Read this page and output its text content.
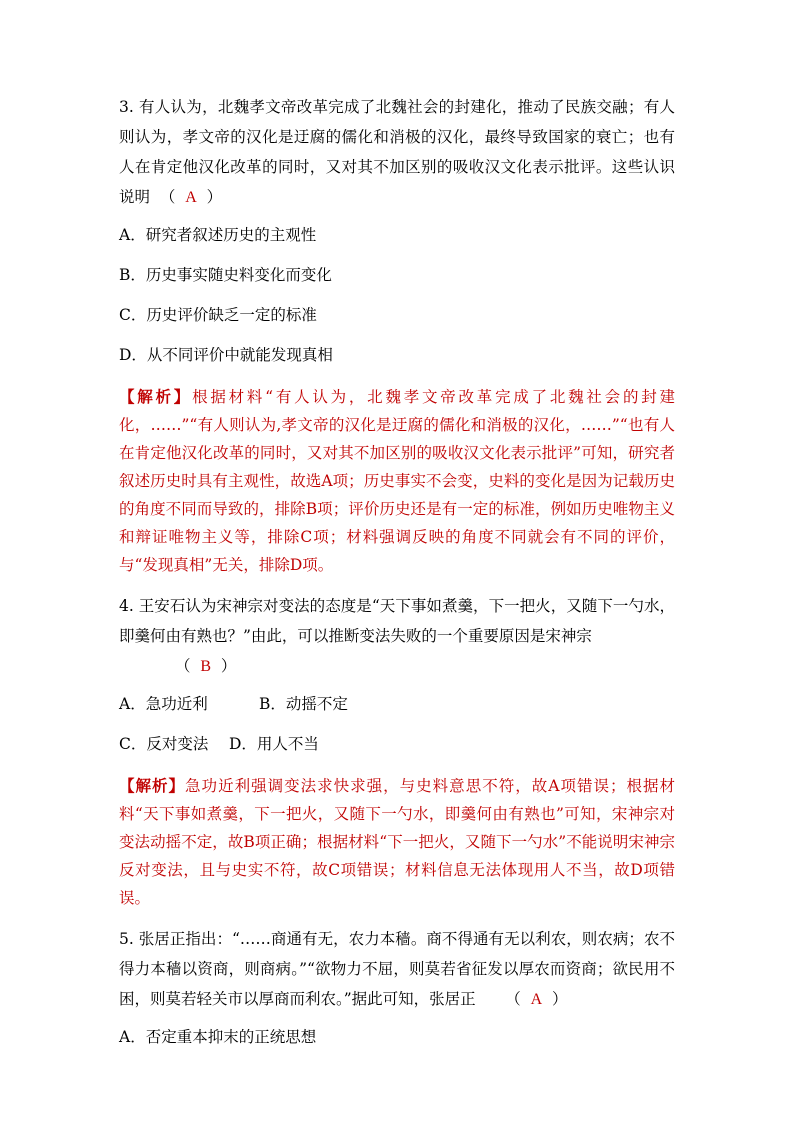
3. 有人认为，北魏孝文帝改革完成了北魏社会的封建化，推动了民族交融；有人则认为，孝文帝的汉化是迂腐的儒化和消极的汉化，最终导致国家的衰亡；也有人在肯定他汉化改革的同时，又对其不加区别的吸收汉文化表示批评。这些认识说明 （ A ）

A．研究者叙述历史的主观性

B．历史事实随史料变化而变化

C．历史评价缺乏一定的标准

D．从不同评价中就能发现真相

【解析】根据材料“有人认为，北魏孝文帝改革完成了北魏社会的封建化，……”“有人则认为,孝文帝的汉化是迂腐的儒化和消极的汉化，……”“也有人在肯定他汉化改革的同时，又对其不加区别的吸收汉文化表示批评”可知，研究者叙述历史时具有主观性，故选A项；历史事实不会变，史料的变化是因为记载历史的角度不同而导致的，排除B项；评价历史还是有一定的标准，例如历史唯物主义和辩证唯物主义等，排除C项；材料强调反映的角度不同就会有不同的评价，与“发现真相”无关，排除D项。

4. 王安石认为宋神宗对变法的态度是“天下事如煮羹，下一把火，又随下一勺水，即羹何由有熟也？”由此，可以推断变法失败的一个重要原因是宋神宗
（ B ）

A．急功近利	B．动摇不定

C．反对变法 D．用人不当

【解析】急功近利强调变法求快求强，与史料意思不符，故A项错误；根据材料“天下事如煮羹，下一把火，又随下一勺水，即羹何由有熟也”可知，宋神宗对变法动摇不定，故B项正确；根据材料“下一把火，又随下一勺水”不能说明宋神宗反对变法，且与史实不符，故C项错误；材料信息无法体现用人不当，故D项错误。

5. 张居正指出：“……商通有无，农力本穑。商不得通有无以利农，则农病；农不得力本穑以资商，则商病。”“欲物力不屈，则莫若省征发以厚农而资商；欲民用不困，则莫若轻关市以厚商而利农。”据此可知，张居正 （ A ）

A．否定重本抑末的正统思想
